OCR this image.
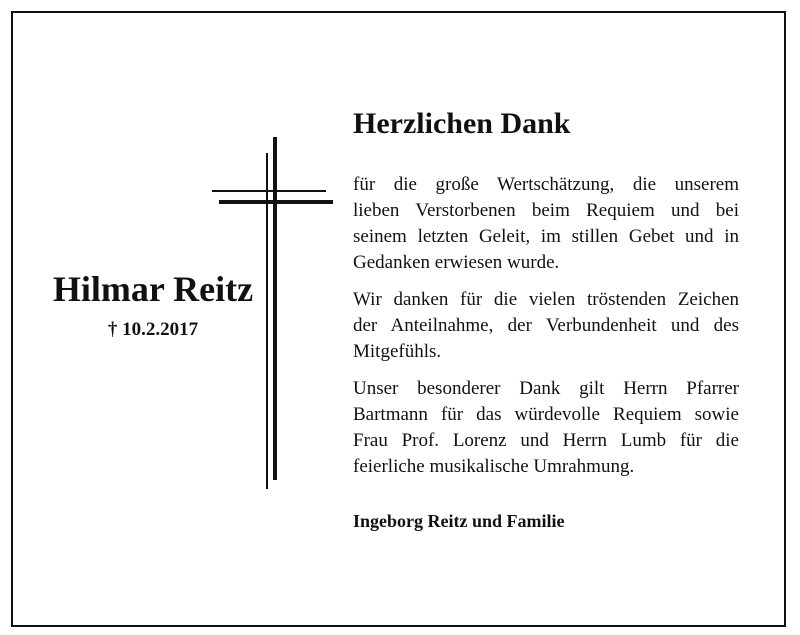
Hilmar Reitz
† 10.2.2017
Herzlichen Dank
für die große Wertschätzung, die unserem
lieben Verstorbenen beim Requiem und bei
seinem letzten Geleit, im stillen Gebet und in
Gedanken erwiesen wurde.
Wir danken für die vielen tröstenden Zeichen
der Anteilnahme, der Verbundenheit und des
Mitgefühls.
Unser besonderer Dank gilt Herrn Pfarrer
Bartmann für das würdevolle Requiem sowie
Frau Prof. Lorenz und Herrn Lumb für die
feierliche musikalische Umrahmung.
Ingeborg Reitz und Familie
